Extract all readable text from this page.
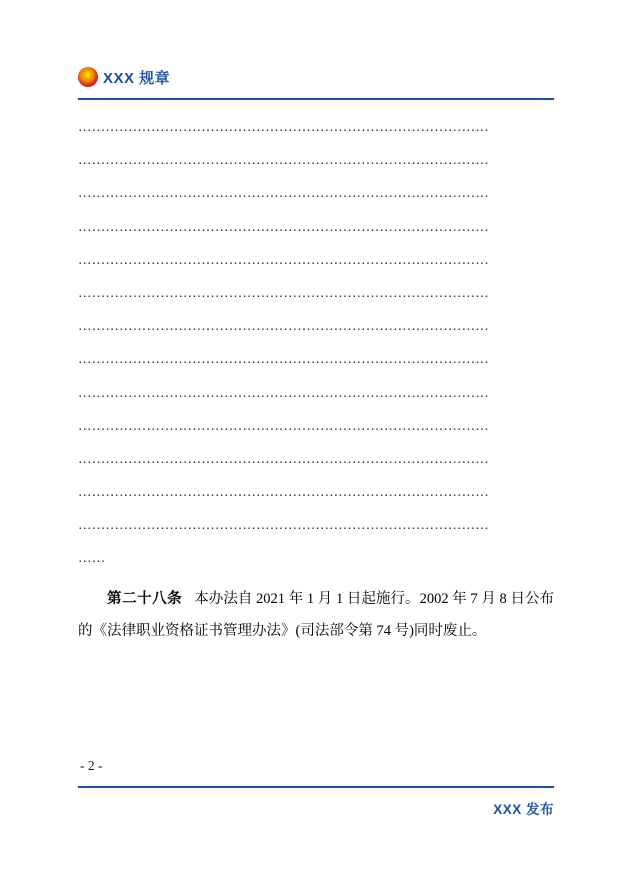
★
XXX 规章
………………………………………………………………………………
………………………………………………………………………………
………………………………………………………………………………
………………………………………………………………………………
………………………………………………………………………………
………………………………………………………………………………
………………………………………………………………………………
………………………………………………………………………………
………………………………………………………………………………
………………………………………………………………………………
………………………………………………………………………………
………………………………………………………………………………
………………………………………………………………………………
……
第二十八条 本办法自 2021 年 1 月 1 日起施行。2002 年 7 月 8 日公布的《法律职业资格证书管理办法》(司法部令第 74 号)同时废止。
- 2 -
XXX 发布
